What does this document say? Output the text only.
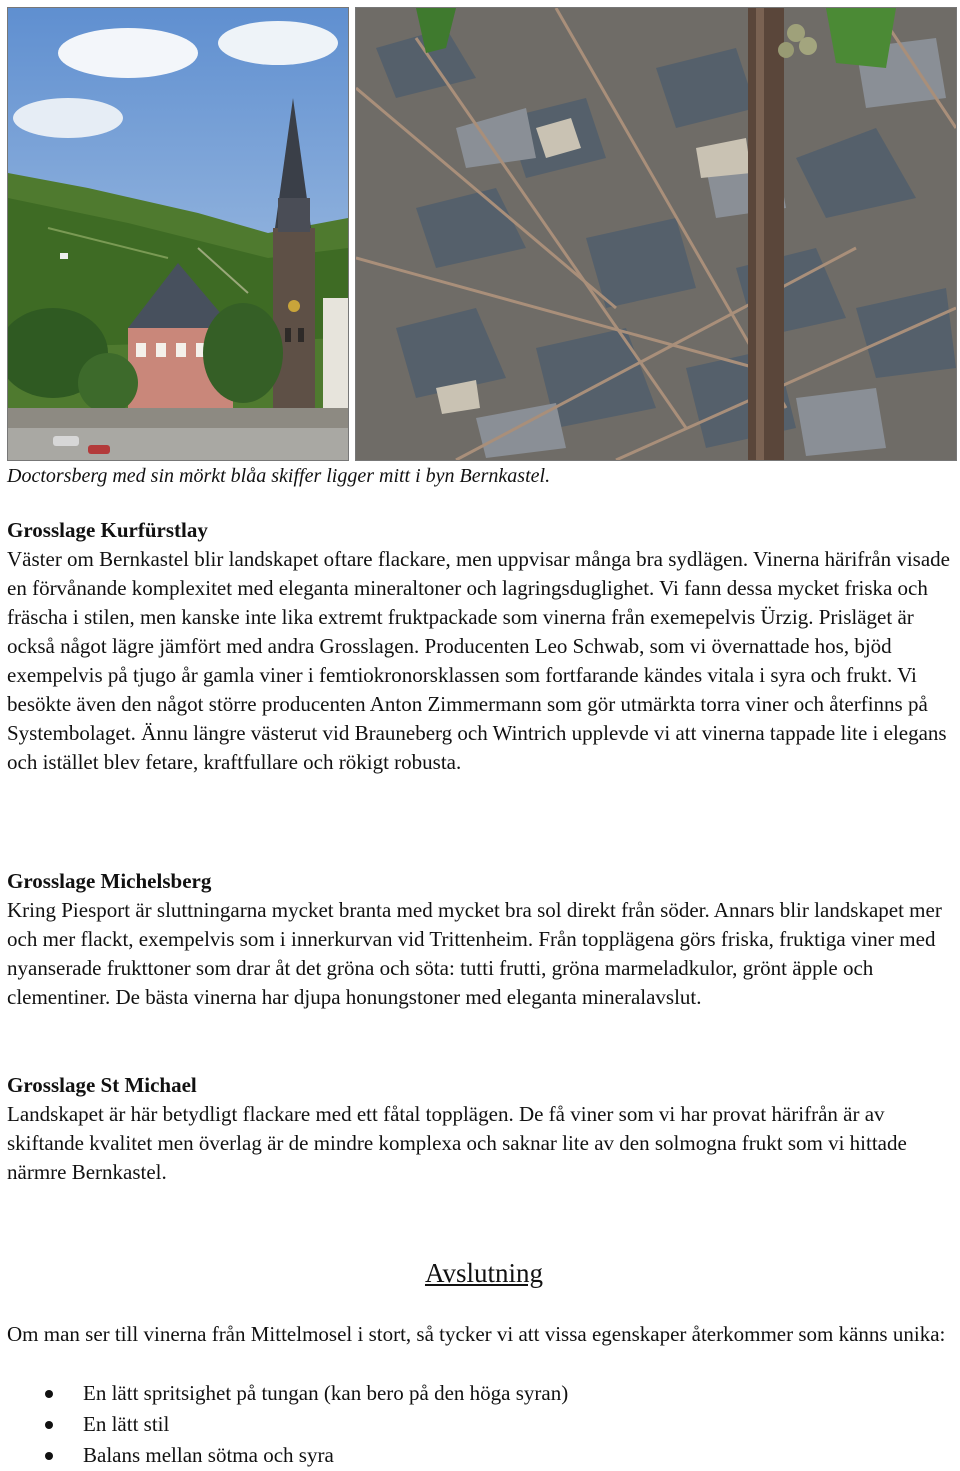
Doctorsberg med sin mörkt blåa skiffer ligger mitt i byn Bernkastel.
Grosslage Kurfürstlay

Väster om Bernkastel blir landskapet oftare flackare, men uppvisar många bra sydlägen. Vinerna härifrån visade en förvånande komplexitet med eleganta mineraltoner och lagringsduglighet. Vi fann dessa mycket friska och fräscha i stilen, men kanske inte lika extremt fruktpackade som vinerna från exemepelvis Ürzig. Prisläget är också något lägre jämfört med andra Grosslagen. Producenten Leo Schwab, som vi övernattade hos, bjöd exempelvis på tjugo år gamla viner i femtiokronorsklassen som fortfarande kändes vitala i syra och frukt. Vi besökte även den något större producenten Anton Zimmermann som gör utmärkta torra viner och återfinns på Systembolaget. Ännu längre västerut vid Brauneberg och Wintrich upplevde vi att vinerna tappade lite i elegans och istället blev fetare, kraftfullare och rökigt robusta.

Grosslage Michelsberg

Kring Piesport är sluttningarna mycket branta med mycket bra sol direkt från söder. Annars blir landskapet mer och mer flackt, exempelvis som i innerkurvan vid Trittenheim. Från topplägena görs friska, fruktiga viner med nyanserade frukttoner som drar åt det gröna och söta: tutti frutti, gröna marmeladkulor, grönt äpple och clementiner. De bästa vinerna har djupa honungstoner med eleganta mineralavslut.

Grosslage St Michael

Landskapet är här betydligt flackare med ett fåtal topplägen. De få viner som vi har provat härifrån är av skiftande kvalitet men överlag är de mindre komplexa och saknar lite av den solmogna frukt som vi hittade närmre Bernkastel.

Avslutning

Om man ser till vinerna från Mittelmosel i stort, så tycker vi att vissa egenskaper återkommer som känns unika:

En lätt spritsighet på tungan (kan bero på den höga syran)
En lätt stil
Balans mellan sötma och syra
